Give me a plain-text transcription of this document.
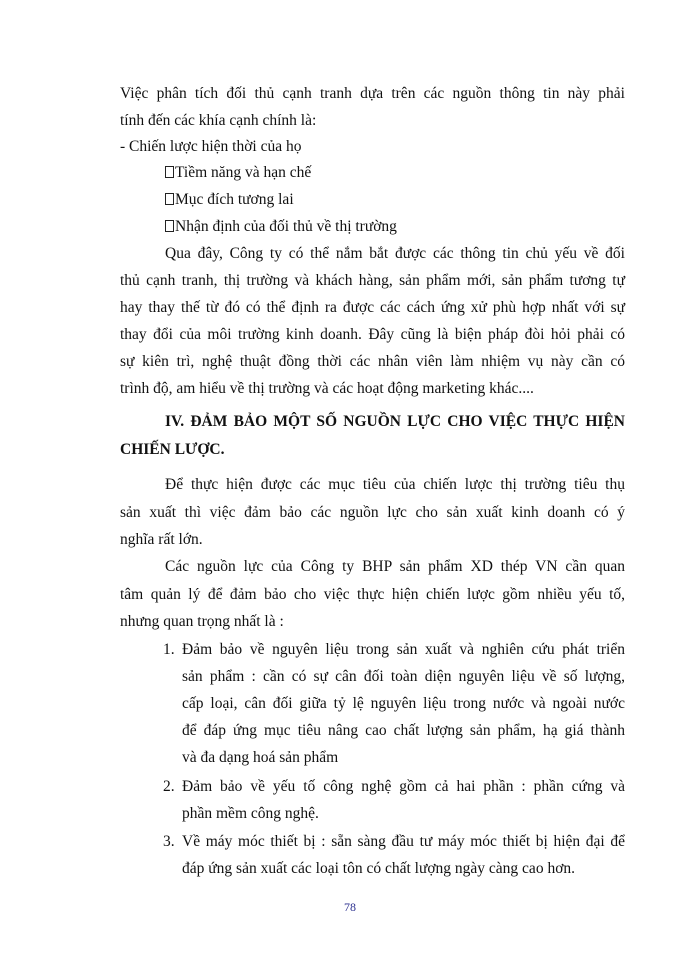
Việc phân tích đối thủ cạnh tranh dựa trên các nguồn thông tin này phải
tính đến các khía cạnh chính là:
- Chiến lược hiện thời của họ
Tiềm năng và hạn chế
Mục đích tương lai
Nhận định của đối thủ về thị trường
Qua đây, Công ty có thể nắm bắt được các thông tin chủ yếu về đối
thủ cạnh tranh, thị trường và khách hàng, sản phẩm mới, sản phẩm tương tự
hay thay thế từ đó có thể định ra được các cách ứng xử phù hợp nhất với sự
thay đổi của môi trường kinh doanh. Đây cũng là biện pháp đòi hỏi phải có
sự kiên trì, nghệ thuật đồng thời các nhân viên làm nhiệm vụ này cần có
trình độ, am hiểu về thị trường và các hoạt động marketing khác....
IV. ĐẢM BẢO MỘT SỐ NGUỒN LỰC CHO VIỆC THỰC HIỆN
CHIẾN LƯỢC.
Để thực hiện được các mục tiêu của chiến lược thị trường tiêu thụ
sản xuất thì việc đảm bảo các nguồn lực cho sản xuất kinh doanh có ý
nghĩa rất lớn.
Các nguồn lực của Công ty BHP sản phẩm XD thép VN cần quan
tâm quản lý để đảm bảo cho việc thực hiện chiến lược gồm nhiều yếu tố,
nhưng quan trọng nhất là :
1. Đảm bảo về nguyên liệu trong sản xuất và nghiên cứu phát triển
sản phẩm : cần có sự cân đối toàn diện nguyên liệu về số lượng,
cấp loại, cân đối giữa tỷ lệ nguyên liệu trong nước và ngoài nước
để đáp ứng mục tiêu nâng cao chất lượng sản phẩm, hạ giá thành
và đa dạng hoá sản phẩm
2. Đảm bảo về yếu tố công nghệ gồm cả hai phần : phần cứng và
phần mềm công nghệ.
3. Về máy móc thiết bị : sẵn sàng đầu tư máy móc thiết bị hiện đại để
đáp ứng sản xuất các loại tôn có chất lượng ngày càng cao hơn.
78
